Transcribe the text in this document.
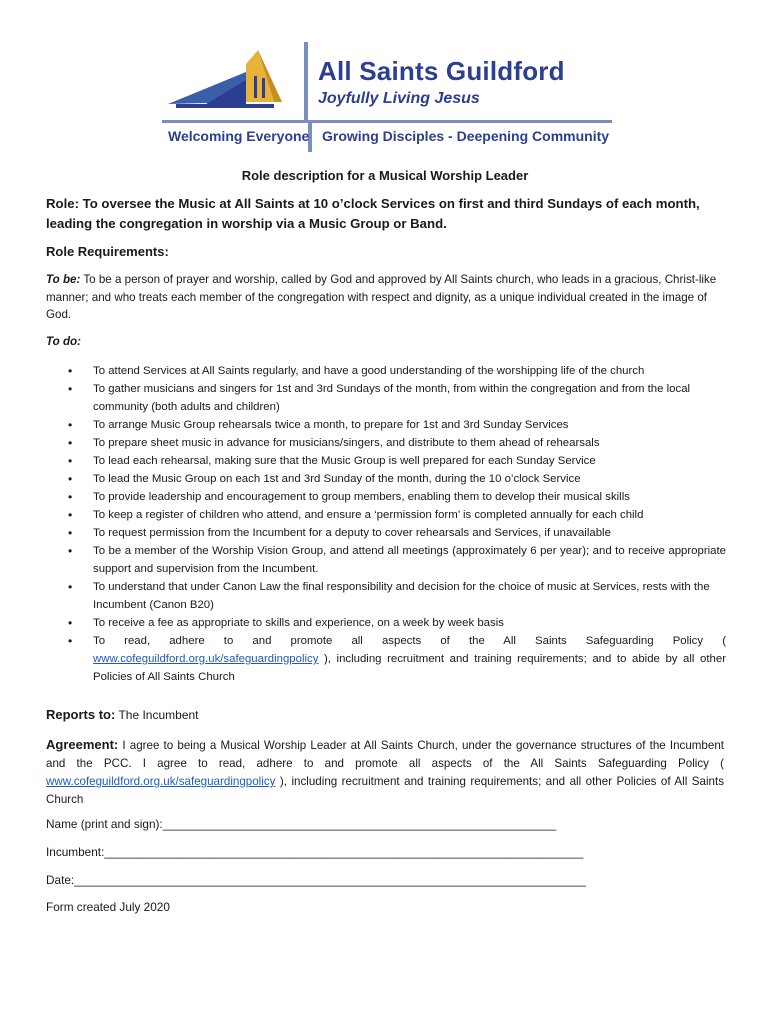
All Saints Guildford
Joyfully Living Jesus
Welcoming Everyone Growing Disciples - Deepening Community
Role description for a Musical Worship Leader
Role: To oversee the Music at All Saints at 10 o’clock Services on first and third Sundays of each month, leading the congregation in worship via a Music Group or Band.
Role Requirements:
To be: To be a person of prayer and worship, called by God and approved by All Saints church, who leads in a gracious, Christ-like manner; and who treats each member of the congregation with respect and dignity, as a unique individual created in the image of God.
To do:
• To attend Services at All Saints regularly, and have a good understanding of the worshipping life of the church
• To gather musicians and singers for 1st and 3rd Sundays of the month, from within the congregation and from the local community (both adults and children)
• To arrange Music Group rehearsals twice a month, to prepare for 1st and 3rd Sunday Services
• To prepare sheet music in advance for musicians/singers, and distribute to them ahead of rehearsals
• To lead each rehearsal, making sure that the Music Group is well prepared for each Sunday Service
• To lead the Music Group on each 1st and 3rd Sunday of the month, during the 10 o’clock Service
• To provide leadership and encouragement to group members, enabling them to develop their musical skills
• To keep a register of children who attend, and ensure a ‘permission form’ is completed annually for each child
• To request permission from the Incumbent for a deputy to cover rehearsals and Services, if unavailable
• To be a member of the Worship Vision Group, and attend all meetings (approximately 6 per year); and to receive appropriate support and supervision from the Incumbent.
• To understand that under Canon Law the final responsibility and decision for the choice of music at Services, rests with the Incumbent (Canon B20)
• To receive a fee as appropriate to skills and experience, on a week by week basis
• To read, adhere to and promote all aspects of the All Saints Safeguarding Policy ( www.cofeguildford.org.uk/safeguardingpolicy ), including recruitment and training requirements; and to abide by all other Policies of All Saints Church
Reports to: The Incumbent
Agreement: I agree to being a Musical Worship Leader at All Saints Church, under the governance structures of the Incumbent and the PCC. I agree to read, adhere to and promote all aspects of the All Saints Safeguarding Policy ( www.cofeguildford.org.uk/safeguardingpolicy ), including recruitment and training requirements; and all other Policies of All Saints Church
Name (print and sign):____________________________________________________________
Incumbent:_________________________________________________________________________
Date:______________________________________________________________________________
Form created July 2020
